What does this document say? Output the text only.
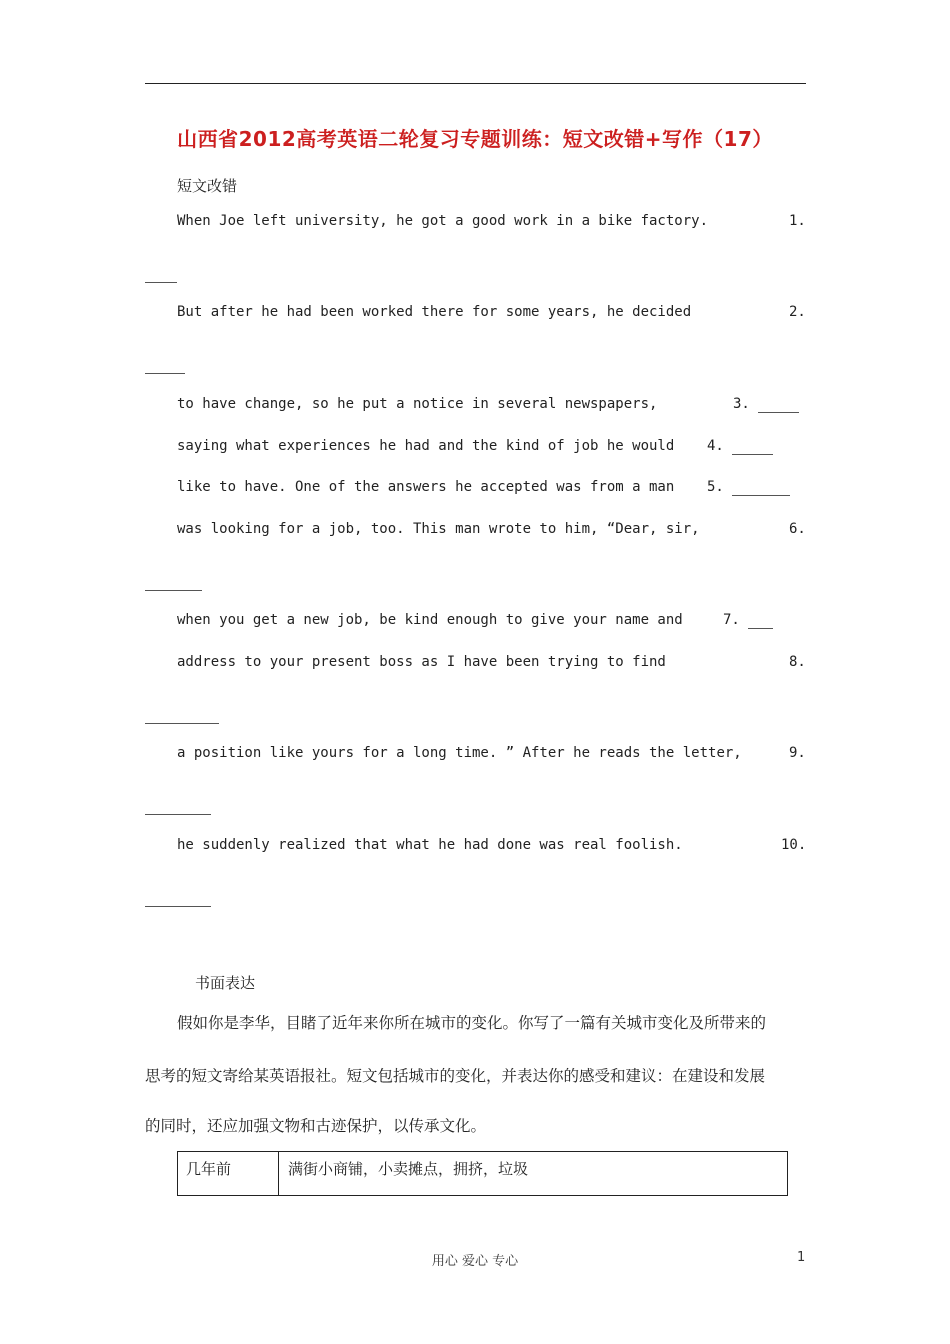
山西省2012高考英语二轮复习专题训练：短文改错+写作（17）
短文改错
When Joe left university, he got a good work in a bike factory.	1.
But after he had been worked there for some years, he decided	2.
to have change, so he put a notice in several newspapers,	3.
saying what experiences he had and the kind of job he would 4.
like to have. One of the answers he accepted was from a man 5.
was looking for a job, too. This man wrote to him, “Dear, sir,	6.
when you get a new job, be kind enough to give your name and	7.
address to your present boss as I have been trying to find	8.
a position like yours for a long time. ” After he reads the letter,	9.
he suddenly realized that what he had done was real foolish.	10.
书面表达
假如你是李华，目睹了近年来你所在城市的变化。你写了一篇有关城市变化及所带来的
思考的短文寄给某英语报社。短文包括城市的变化，并表达你的感受和建议：在建设和发展
的同时，还应加强文物和古迹保护，以传承文化。
几年前	满街小商铺，小卖摊点，拥挤，垃圾
用心 爱心 专心	1
